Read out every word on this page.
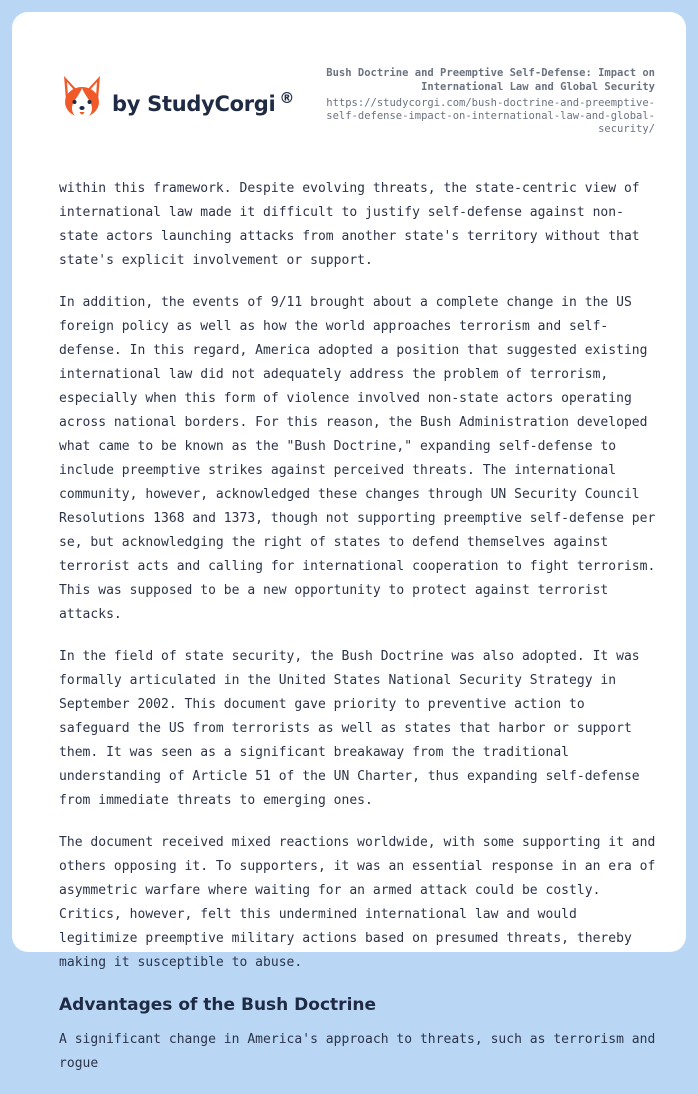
by StudyCorgi ®
Bush Doctrine and Preemptive Self-Defense: Impact on International Law and Global Security
https://studycorgi.com/bush-doctrine-and-preemptive-self-defense-impact-on-international-law-and-global-security/

within this framework. Despite evolving threats, the state-centric view of international law made it difficult to justify self-defense against non-state actors launching attacks from another state's territory without that state's explicit involvement or support.

In addition, the events of 9/11 brought about a complete change in the US foreign policy as well as how the world approaches terrorism and self-defense. In this regard, America adopted a position that suggested existing international law did not adequately address the problem of terrorism, especially when this form of violence involved non-state actors operating across national borders. For this reason, the Bush Administration developed what came to be known as the "Bush Doctrine," expanding self-defense to include preemptive strikes against perceived threats. The international community, however, acknowledged these changes through UN Security Council Resolutions 1368 and 1373, though not supporting preemptive self-defense per se, but acknowledging the right of states to defend themselves against terrorist acts and calling for international cooperation to fight terrorism. This was supposed to be a new opportunity to protect against terrorist attacks.

In the field of state security, the Bush Doctrine was also adopted. It was formally articulated in the United States National Security Strategy in September 2002. This document gave priority to preventive action to safeguard the US from terrorists as well as states that harbor or support them. It was seen as a significant breakaway from the traditional understanding of Article 51 of the UN Charter, thus expanding self-defense from immediate threats to emerging ones.

The document received mixed reactions worldwide, with some supporting it and others opposing it. To supporters, it was an essential response in an era of asymmetric warfare where waiting for an armed attack could be costly. Critics, however, felt this undermined international law and would legitimize preemptive military actions based on presumed threats, thereby making it susceptible to abuse.

Advantages of the Bush Doctrine

A significant change in America's approach to threats, such as terrorism and rogue
